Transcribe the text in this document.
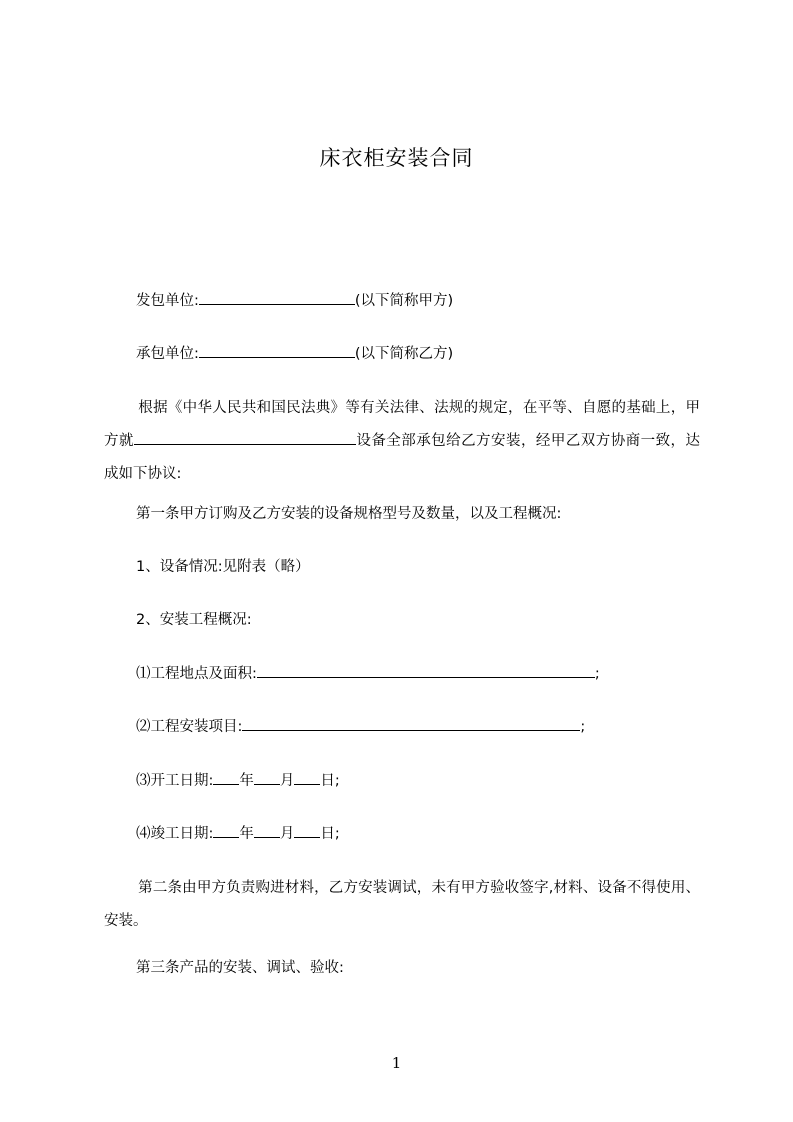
床衣柜安装合同
发包单位:	(以下简称甲方)
承包单位:	(以下简称乙方)
根据《中华人民共和国民法典》等有关法律、法规的规定，在平等、自愿的基础上，甲方就	设备全部承包给乙方安装，经甲乙双方协商一致，达成如下协议:
第一条甲方订购及乙方安装的设备规格型号及数量，以及工程概况:
1、设备情况:见附表（略）
2、安装工程概况:
⑴工程地点及面积:	;
⑵工程安装项目:	;
⑶开工日期: 年 月 日;
⑷竣工日期: 年 月 日;
第二条由甲方负责购进材料，乙方安装调试，未有甲方验收签字,材料、设备不得使用、安装。
第三条产品的安装、调试、验收:
1
